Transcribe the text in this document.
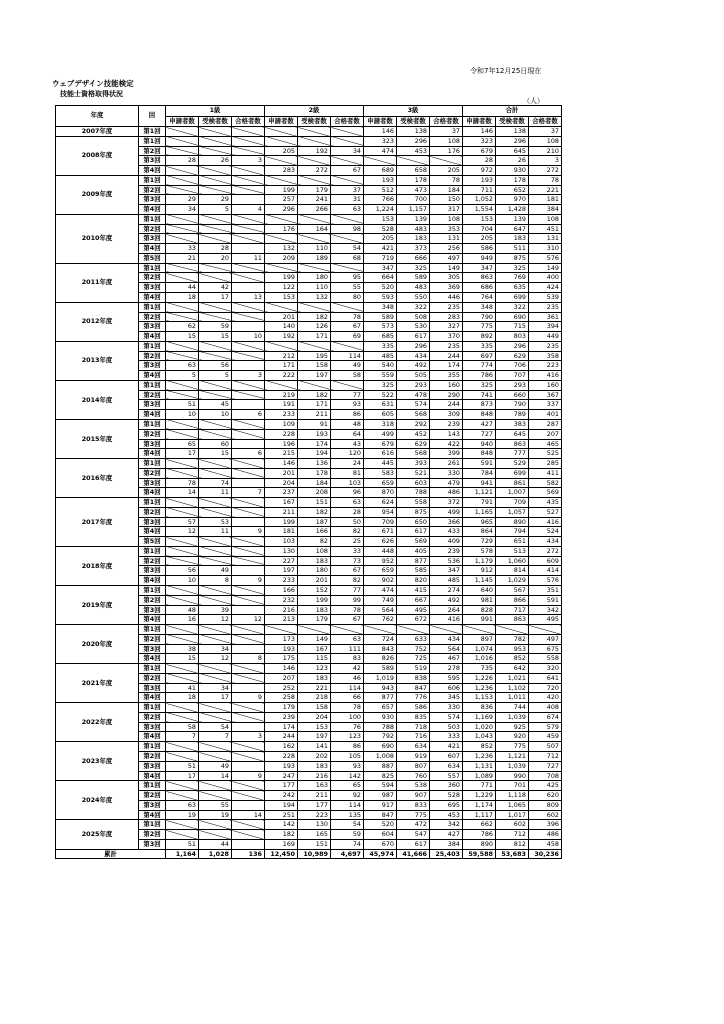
令和7年12月25日現在
ウェブデザイン技能検定
技能士資格取得状況
（人）
年度	回	1級			2級			3級			合計		
		申請者数	受検者数	合格者数	申請者数	受検者数	合格者数	申請者数	受検者数	合格者数	申請者数	受検者数	合格者数
2007年度	第1回							146	138	37	146	138	37
2008年度	第1回							323	296	108	323	296	108
	第2回				205	192	34	474	453	176	679	645	210
	第3回	28	26	3							28	26	3
	第4回				283	272	67	689	658	205	972	930	272
2009年度	第1回							193	178	78	193	178	78
	第2回				199	179	37	512	473	184	711	652	221
	第3回	29	29		257	241	31	766	700	150	1,052	970	181
	第4回	34	5	4	296	266	63	1,224	1,157	317	1,554	1,428	384
2010年度	第1回							153	139	108	153	139	108
	第2回				176	164	98	528	483	353	704	647	451
	第3回							205	183	131	205	183	131
	第4回	33	28		132	110	54	421	373	256	586	511	310
	第5回	21	20	11	209	189	68	719	666	497	949	875	576
2011年度	第1回							347	325	149	347	325	149
	第2回				199	180	95	664	589	305	863	769	400
	第3回	44	42		122	110	55	520	483	369	686	635	424
	第4回	18	17	13	153	132	80	593	550	446	764	699	539
2012年度	第1回							348	322	235	348	322	235
	第2回				201	182	78	589	508	283	790	690	361
	第3回	62	59		140	126	67	573	530	327	775	715	394
	第4回	15	15	10	192	171	69	685	617	370	892	803	449
2013年度	第1回							335	296	235	335	296	235
	第2回				212	195	114	485	434	244	697	629	358
	第3回	63	56		171	158	49	540	492	174	774	706	223
	第4回	5	5	3	222	197	58	559	505	355	786	707	416
2014年度	第1回							325	293	160	325	293	160
	第2回				219	182	77	522	478	290	741	660	367
	第3回	51	45		191	171	93	631	574	244	873	790	337
	第4回	10	10	6	233	211	86	605	568	309	848	789	401
2015年度	第1回				109	91	48	318	292	239	427	383	287
	第2回				228	193	64	499	452	143	727	645	207
	第3回	65	60		196	174	43	679	629	422	940	863	465
	第4回	17	15	6	215	194	120	616	568	399	848	777	525
2016年度	第1回				146	136	24	445	393	261	591	529	285
	第2回				201	178	81	583	521	330	784	699	411
	第3回	78	74		204	184	103	659	603	479	941	861	582
	第4回	14	11	7	237	208	96	870	788	486	1,121	1,007	569
2017年度	第1回				167	151	63	624	558	372	791	709	435
	第2回				211	182	28	954	875	499	1,165	1,057	527
	第3回	57	53		199	187	50	709	650	366	965	890	416
	第4回	12	11	9	181	166	82	671	617	433	864	794	524
	第5回				103	82	25	626	569	409	729	651	434
2018年度	第1回				130	108	33	448	405	239	578	513	272
	第2回				227	183	73	952	877	536	1,179	1,060	609
	第3回	56	49		197	180	67	659	585	347	912	814	414
	第4回	10	8	9	233	201	82	902	820	485	1,145	1,029	576
2019年度	第1回				166	152	77	474	415	274	640	567	351
	第2回				232	199	99	749	667	492	981	866	591
	第3回	48	39		216	183	78	564	495	264	828	717	342
	第4回	16	12	12	213	179	67	762	672	416	991	863	495
2020年度	第1回												
	第2回				173	149	63	724	633	434	897	782	497
	第3回	38	34		193	167	111	843	752	564	1,074	953	675
	第4回	15	12	8	175	115	83	826	725	467	1,016	852	558
2021年度	第1回				146	123	42	589	519	278	735	642	320
	第2回				207	183	46	1,019	838	595	1,226	1,021	641
	第3回	41	34		252	221	114	943	847	606	1,236	1,102	720
	第4回	18	17	9	258	218	66	877	776	345	1,153	1,011	420
2022年度	第1回				179	158	78	657	586	330	836	744	408
	第2回				239	204	100	930	835	574	1,169	1,039	674
	第3回	58	54		174	153	76	788	718	503	1,020	925	579
	第4回	7	7	3	244	197	123	792	716	333	1,043	920	459
2023年度	第1回				162	141	86	690	634	421	852	775	507
	第2回				228	202	105	1,008	919	607	1,236	1,121	712
	第3回	51	49		193	183	93	887	807	634	1,131	1,039	727
	第4回	17	14	9	247	216	142	825	760	557	1,089	990	708
2024年度	第1回				177	163	65	594	538	360	771	701	425
	第2回				242	211	92	987	907	528	1,229	1,118	620
	第3回	63	55		194	177	114	917	833	695	1,174	1,065	809
	第4回	19	19	14	251	223	135	847	775	453	1,117	1,017	602
2025年度	第1回				142	130	54	520	472	342	662	602	396
	第2回				182	165	59	604	547	427	786	712	486
	第3回	51	44		169	151	74	670	617	384	890	812	458
累計		1,164	1,028	136	12,450	10,989	4,697	45,974	41,666	25,403	59,588	53,683	30,236
